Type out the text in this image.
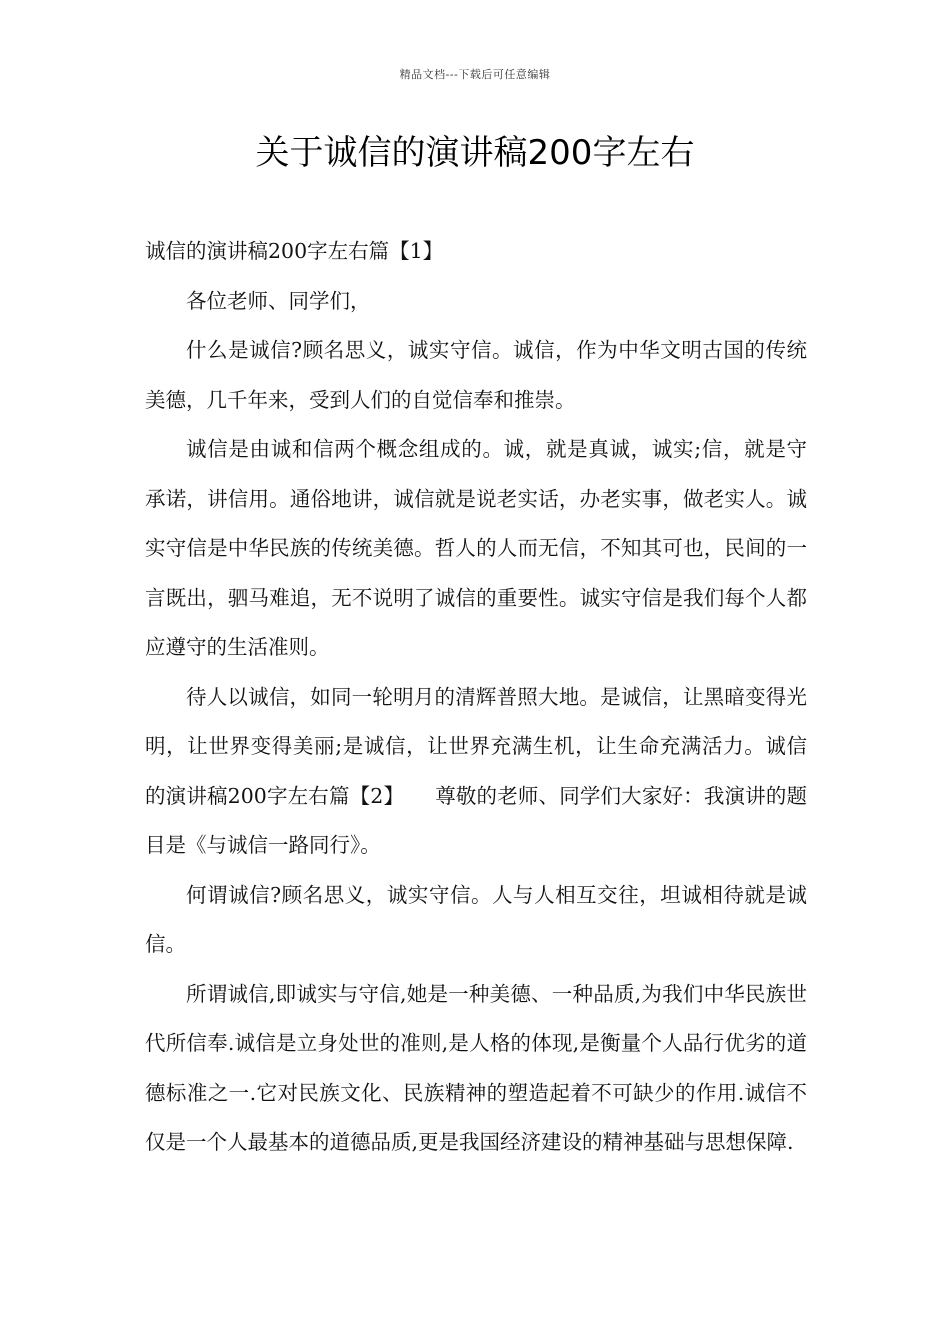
精品文档---下载后可任意编辑
关于诚信的演讲稿200字左右

诚信的演讲稿200字左右篇【1】

各位老师、同学们，

什么是诚信?顾名思义，诚实守信。诚信，作为中华文明古国的传统美德，几千年来，受到人们的自觉信奉和推崇。

诚信是由诚和信两个概念组成的。诚，就是真诚，诚实;信，就是守承诺，讲信用。通俗地讲，诚信就是说老实话，办老实事，做老实人。诚实守信是中华民族的传统美德。哲人的人而无信，不知其可也，民间的一言既出，驷马难追，无不说明了诚信的重要性。诚实守信是我们每个人都应遵守的生活准则。

待人以诚信，如同一轮明月的清辉普照大地。是诚信，让黑暗变得光明，让世界变得美丽;是诚信，让世界充满生机，让生命充满活力。诚信的演讲稿200字左右篇【2】　　尊敬的老师、同学们大家好：我演讲的题目是《与诚信一路同行》。

何谓诚信?顾名思义，诚实守信。人与人相互交往，坦诚相待就是诚信。

所谓诚信,即诚实与守信,她是一种美德、一种品质,为我们中华民族世代所信奉.诚信是立身处世的准则,是人格的体现,是衡量个人品行优劣的道德标准之一.它对民族文化、民族精神的塑造起着不可缺少的作用.诚信不仅是一个人最基本的道德品质,更是我国经济建设的精神基础与思想保障.
